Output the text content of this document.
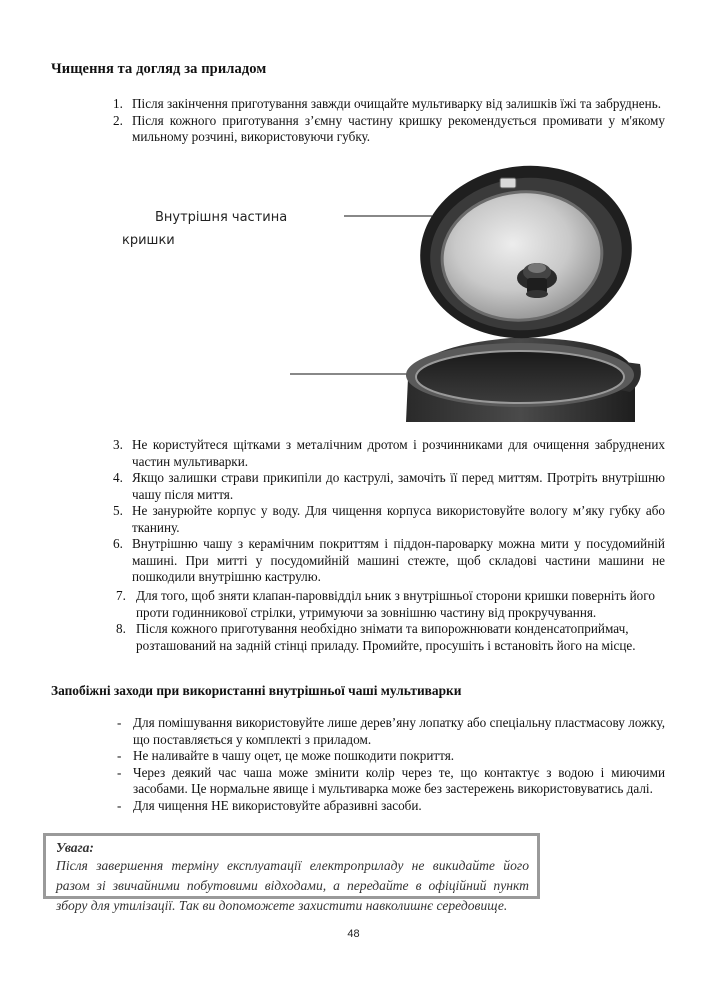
Чищення та догляд за приладом
1. Після закінчення приготування завжди очищайте мультиварку від залишків їжі та забруднень.
2. Після кожного приготування з’ємну частину кришку рекомендується промивати у м'якому мильному розчині, використовуючи губку.
Внутрішня частина
кришки
3. Не користуйтеся щітками з металічним дротом і розчинниками для очищення забруднених частин мультиварки.
4. Якщо залишки страви прикипіли до каструлі, замочіть її перед миттям. Протріть внутрішню чашу після миття.
5. Не занурюйте корпус у воду. Для чищення корпуса використовуйте вологу м’яку губку або тканину.
6. Внутрішню чашу з керамічним покриттям і піддон-пароварку можна мити у посудомийній машині. При митті у посудомийній машині стежте, щоб складові частини машини не пошкодили внутрішню каструлю.
7. Для того, щоб зняти клапан-пароввідділ ьник з внутрішньої сторони кришки поверніть його проти годинникової стрілки, утримуючи за зовнішню частину від прокручування.
8. Після кожного приготування необхідно знімати та випорожнювати конденсатоприймач, розташований на задній стінці приладу. Промийте, просушіть і встановіть його на місце.
Запобіжні заходи при використанні внутрішньої чаші мультиварки
- Для помішування використовуйте лише дерев’яну лопатку або спеціальну пластмасову ложку, що поставляється у комплекті з приладом.
- Не наливайте в чашу оцет, це може пошкодити покриття.
- Через деякий час чаша може змінити колір через те, що контактує з водою і миючими засобами. Це нормальне явище і мультиварка може без застережень використовуватись далі.
- Для чищення НЕ використовуйте абразивні засоби.
Увага:
Після завершення терміну експлуатації електроприладу не викидайте його разом зі звичайними побутовими відходами, а передайте в офіційний пункт збору для утилізації. Так ви допоможете захистити навколишнє середовище.
48
